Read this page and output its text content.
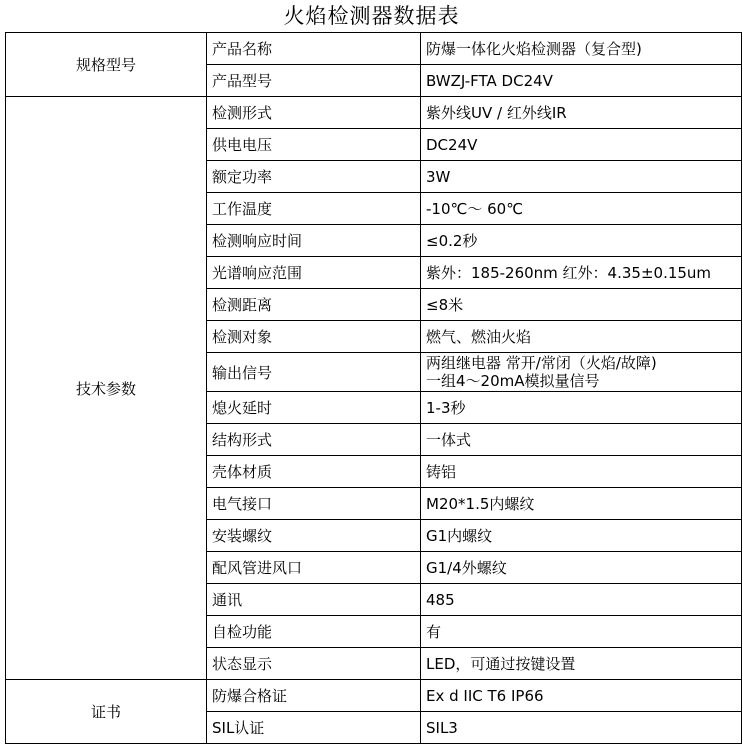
火焰检测器数据表
规格型号	产品名称	防爆一体化火焰检测器（复合型)
	产品型号	BWZJ-FTA DC24V
技术参数	检测形式	紫外线UV / 红外线IR
	供电电压	DC24V
	额定功率	3W
	工作温度	-10℃～ 60℃
	检测响应时间	≤0.2秒
	光谱响应范围	紫外：185-260nm 红外：4.35±0.15um
	检测距离	≤8米
	检测对象	燃气、燃油火焰
	输出信号	两组继电器 常开/常闭（火焰/故障)
一组4～20mA模拟量信号

	熄火延时	1-3秒
	结构形式	一体式
	壳体材质	铸铝
	电气接口	M20*1.5内螺纹
	安装螺纹	G1内螺纹
	配风管进风口	G1/4外螺纹
	通讯	485
	自检功能	有
	状态显示	LED，可通过按键设置
证书	防爆合格证	Ex d IIC T6 IP66
	SIL认证	SIL3
